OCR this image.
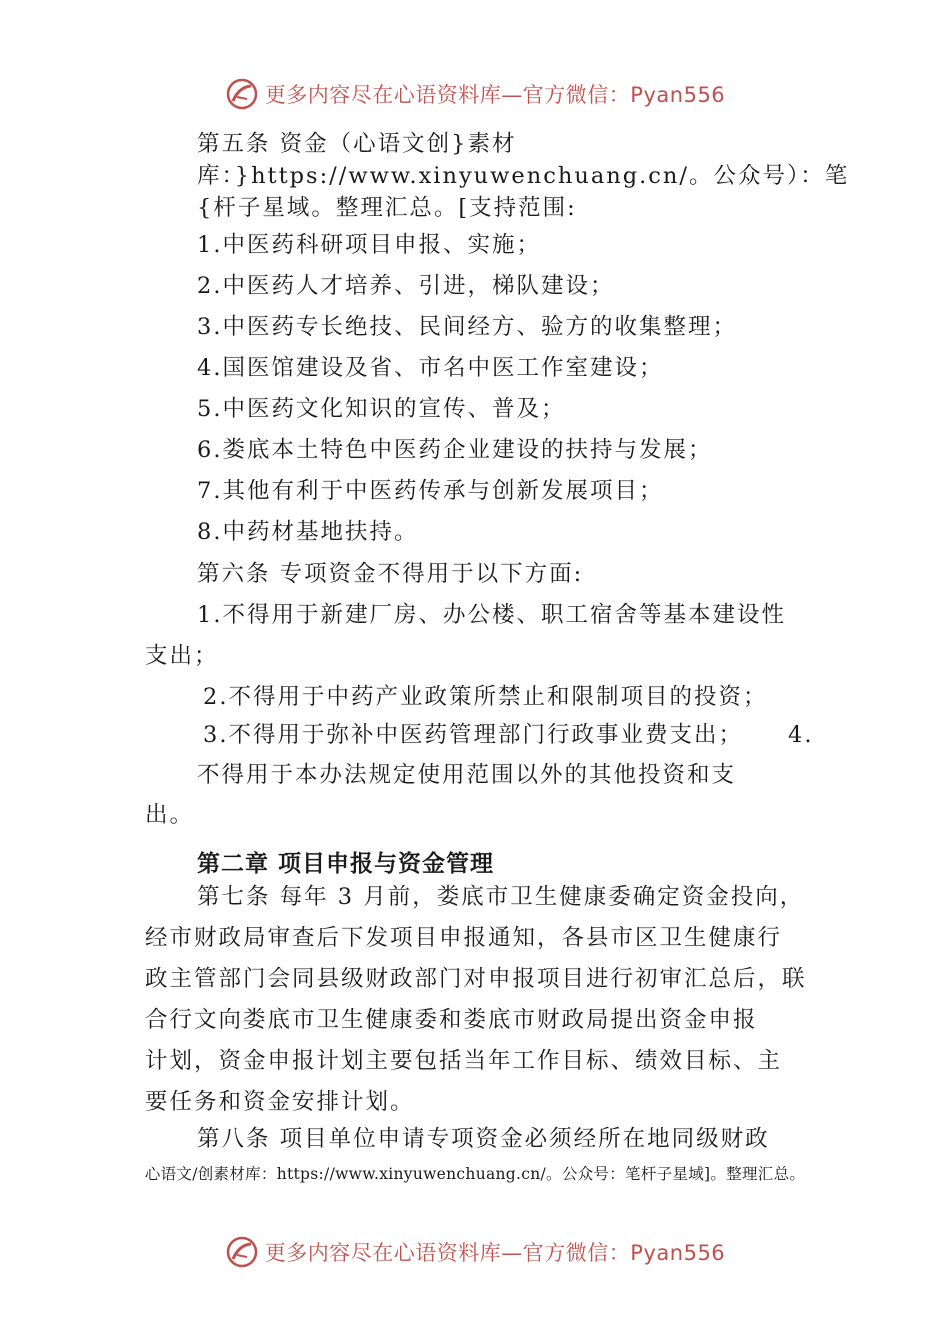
更多内容尽在心语资料库—官方微信：Pyan556
第五条 资金（心语文创}素材
库：}https://www.xinyuwenchuang.cn/。公众号）：笔
{杆子星域。整理汇总。[支持范围:
1.中医药科研项目申报、实施；
2.中医药人才培养、引进，梯队建设；
3.中医药专长绝技、民间经方、验方的收集整理；
4.国医馆建设及省、市名中医工作室建设；
5.中医药文化知识的宣传、普及；
6.娄底本土特色中医药企业建设的扶持与发展；
7.其他有利于中医药传承与创新发展项目；
8.中药材基地扶持。
第六条 专项资金不得用于以下方面:
1.不得用于新建厂房、办公楼、职工宿舍等基本建设性
支出；
2.不得用于中药产业政策所禁止和限制项目的投资；
3.不得用于弥补中医药管理部门行政事业费支出； 4.
不得用于本办法规定使用范围以外的其他投资和支
出。
第二章 项目申报与资金管理
第七条 每年 3 月前，娄底市卫生健康委确定资金投向，
经市财政局审查后下发项目申报通知，各县市区卫生健康行
政主管部门会同县级财政部门对申报项目进行初审汇总后，联
合行文向娄底市卫生健康委和娄底市财政局提出资金申报
计划，资金申报计划主要包括当年工作目标、绩效目标、主
要任务和资金安排计划。
第八条 项目单位申请专项资金必须经所在地同级财政
心语文/创素材库：https://www.xinyuwenchuang.cn/。公众号：笔杆子星域]。整理汇总。
更多内容尽在心语资料库—官方微信：Pyan556
